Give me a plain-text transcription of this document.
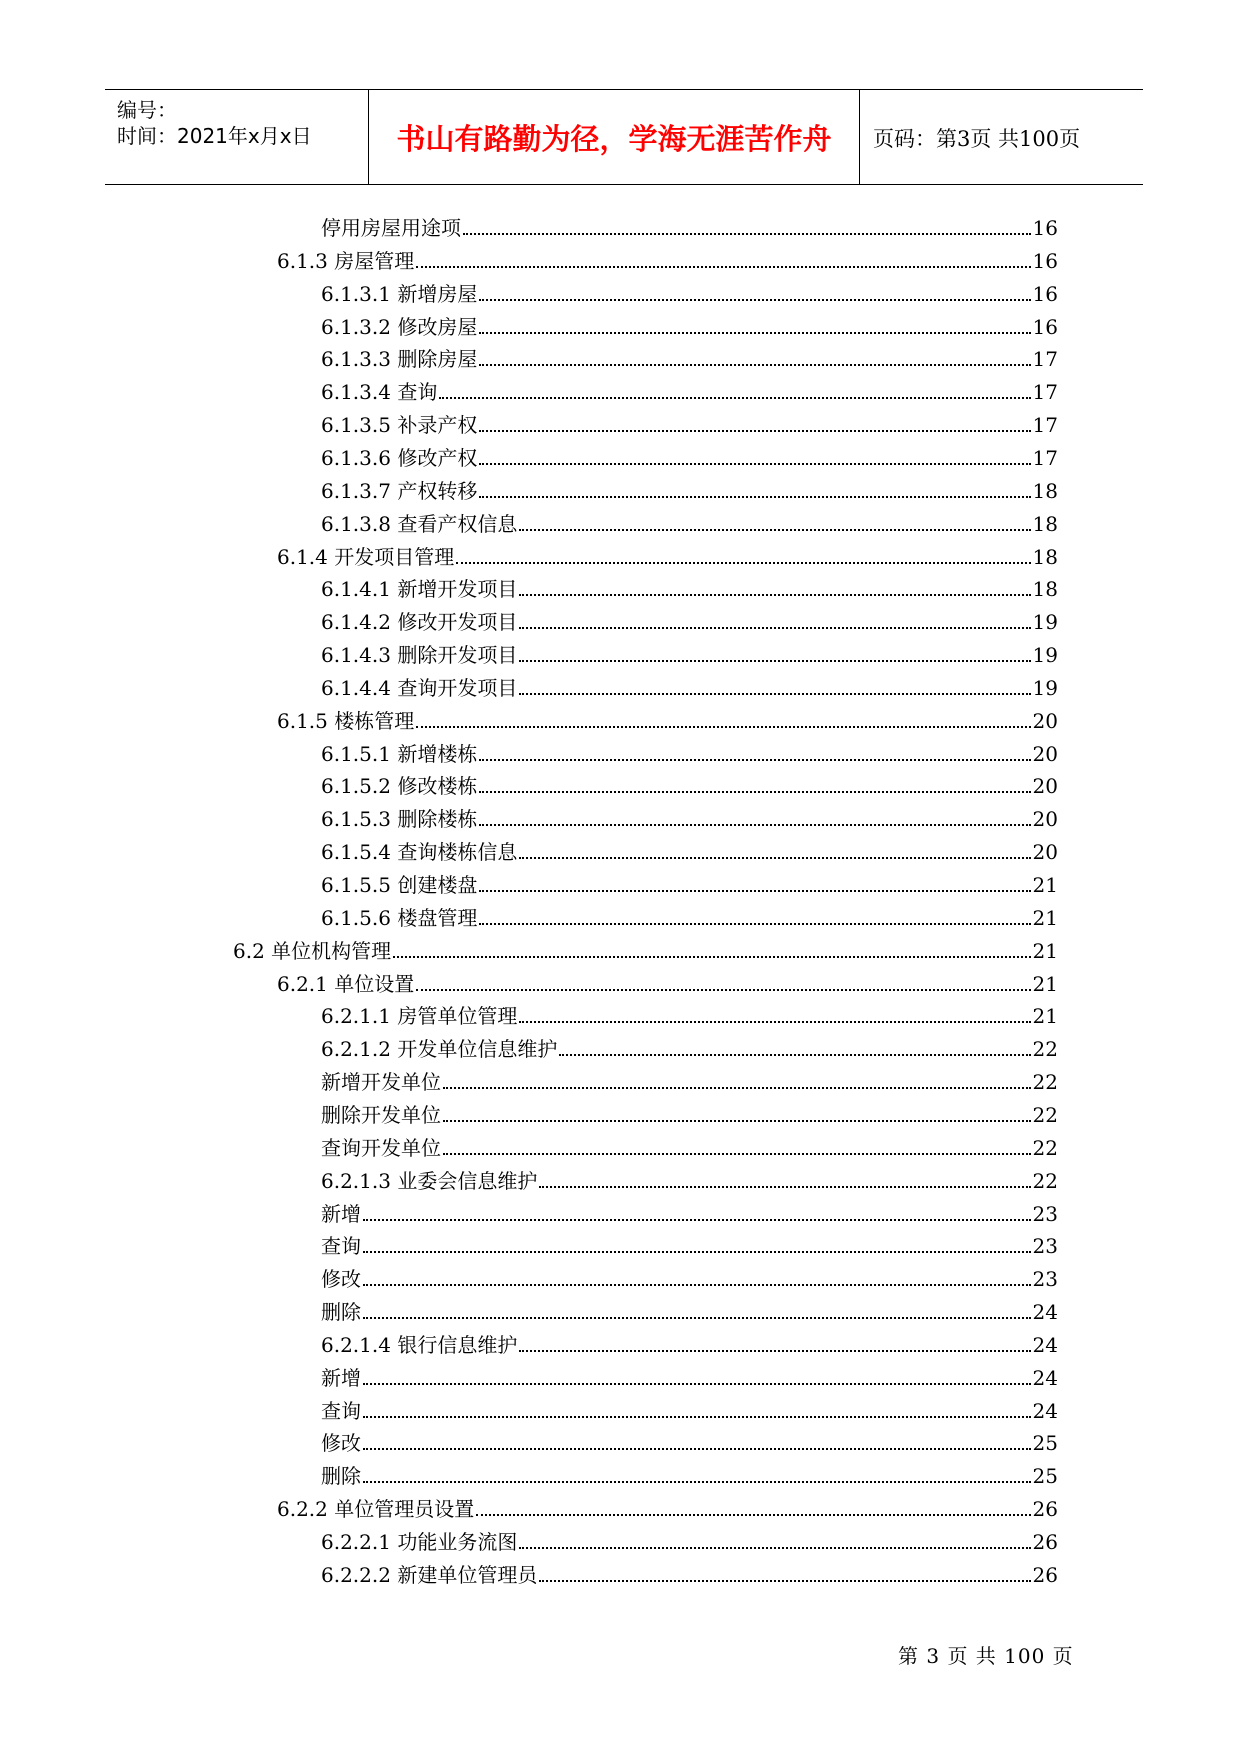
编号：
时间：2021年x月x日	书山有路勤为径，学海无涯苦作舟	页码：第3页 共100页
停用房屋用途项	16
6.1.3 房屋管理	16
6.1.3.1 新增房屋	16
6.1.3.2 修改房屋	16
6.1.3.3 删除房屋	17
6.1.3.4 查询	17
6.1.3.5 补录产权	17
6.1.3.6 修改产权	17
6.1.3.7 产权转移	18
6.1.3.8 查看产权信息	18
6.1.4 开发项目管理	18
6.1.4.1 新增开发项目	18
6.1.4.2 修改开发项目	19
6.1.4.3 删除开发项目	19
6.1.4.4 查询开发项目	19
6.1.5 楼栋管理	20
6.1.5.1 新增楼栋	20
6.1.5.2 修改楼栋	20
6.1.5.3 删除楼栋	20
6.1.5.4 查询楼栋信息	20
6.1.5.5 创建楼盘	21
6.1.5.6 楼盘管理	21
6.2 单位机构管理	21
6.2.1 单位设置	21
6.2.1.1 房管单位管理	21
6.2.1.2 开发单位信息维护	22
新增开发单位	22
删除开发单位	22
查询开发单位	22
6.2.1.3 业委会信息维护	22
新增	23
查询	23
修改	23
删除	24
6.2.1.4 银行信息维护	24
新增	24
查询	24
修改	25
删除	25
6.2.2 单位管理员设置	26
6.2.2.1 功能业务流图	26
6.2.2.2 新建单位管理员	26
第 3 页 共 100 页
